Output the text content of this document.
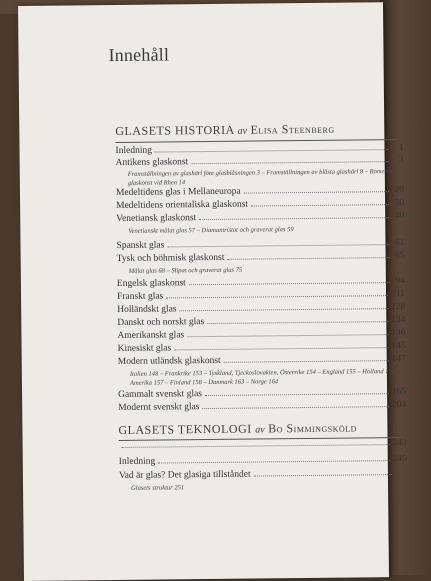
Innehåll
GLASETS HISTORIA av Elisa Steenberg
Inledning	1
Antikens glaskonst	3
Framställningen av glashärl före glasblåsningen 3 – Framställningen av blåsta glashärl 8 – Romersk glaskonst vid Rhen 14
Medeltidens glas i Mellaneuropa	20
Medeltidens orientaliska glaskonst	30
Venetiansk glaskonst	40
Venetianskt målat glas 57 – Diamantristat och graverat glas 59
Spanskt glas	61
Tysk och böhmisk glaskonst	65
Målat glas 68 – Slipat och graverat glas 75
Engelsk glaskonst	94
Franskt glas	111
Holländskt glas	128
Danskt och norskt glas	134
Amerikanskt glas	136
Kinesiskt glas	145
Modern utländsk glaskonst	147
Italien 148 – Frankrike 153 – Tyskland, Tjeckoslovakien, Österrike 154 – England 155 – Holland 156 – Amerika 157 – Finland 158 – Danmark 163 – Norge 164
Gammalt svenskt glas	165
Modernt svenskt glas	204
GLASETS TEKNOLOGI av Bo Simmingsköld
243
Inledning	245
Vad är glas? Det glasiga tillståndet
Glasets struktur 251
VII
